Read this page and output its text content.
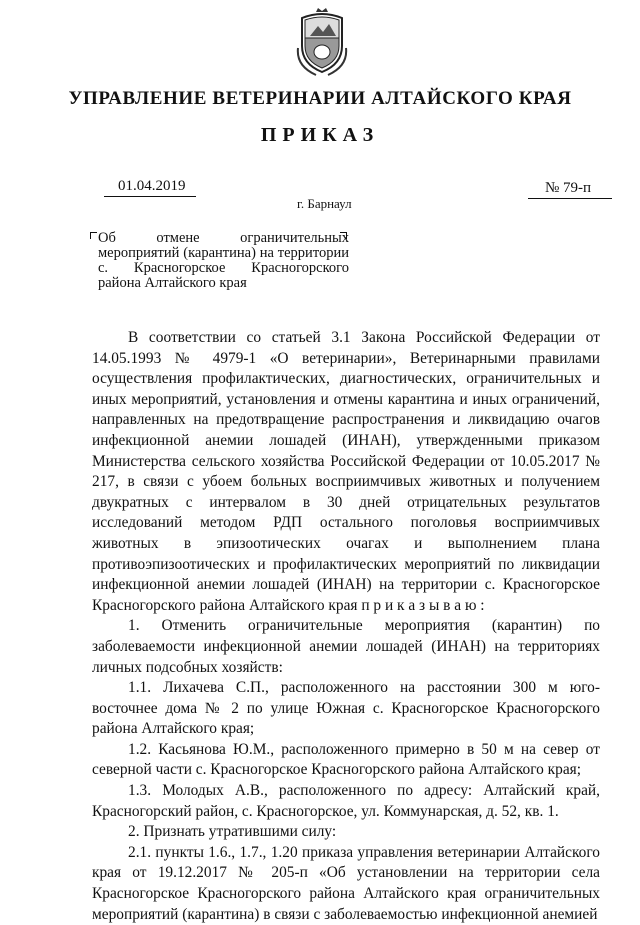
УПРАВЛЕНИЕ ВЕТЕРИНАРИИ АЛТАЙСКОГО КРАЯ
ПРИКАЗ
01.04.2019	№ 79-п
г. Барнаул
Об отмене ограничительных мероприятий (карантина) на территории с. Красногорское Красногорского района Алтайского края

В соответствии со статьей 3.1 Закона Российской Федерации от 14.05.1993 № 4979-1 «О ветеринарии», Ветеринарными правилами осуществления профилактических, диагностических, ограничительных и иных мероприятий, установления и отмены карантина и иных ограничений, направленных на предотвращение распространения и ликвидацию очагов инфекционной анемии лошадей (ИНАН), утвержденными приказом Министерства сельского хозяйства Российской Федерации от 10.05.2017 № 217, в связи с убоем больных восприимчивых животных и получением двукратных с интервалом в 30 дней отрицательных результатов исследований методом РДП остального поголовья восприимчивых животных в эпизоотических очагах и выполнением плана противоэпизоотических и профилактических мероприятий по ликвидации инфекционной анемии лошадей (ИНАН) на территории с. Красногорское Красногорского района Алтайского края п р и к а з ы в а ю :

1. Отменить ограничительные мероприятия (карантин) по заболеваемости инфекционной анемии лошадей (ИНАН) на территориях личных подсобных хозяйств:

1.1. Лихачева С.П., расположенного на расстоянии 300 м юго-восточнее дома № 2 по улице Южная с. Красногорское Красногорского района Алтайского края;

1.2. Касьянова Ю.М., расположенного примерно в 50 м на север от северной части с. Красногорское Красногорского района Алтайского края;

1.3. Молодых А.В., расположенного по адресу: Алтайский край, Красногорский район, с. Красногорское, ул. Коммунарская, д. 52, кв. 1.

2. Признать утратившими силу:

2.1. пункты 1.6., 1.7., 1.20 приказа управления ветеринарии Алтайского края от 19.12.2017 № 205-п «Об установлении на территории села Красногорское Красногорского района Алтайского края ограничительных мероприятий (карантина) в связи с заболеваемостью инфекционной анемией
